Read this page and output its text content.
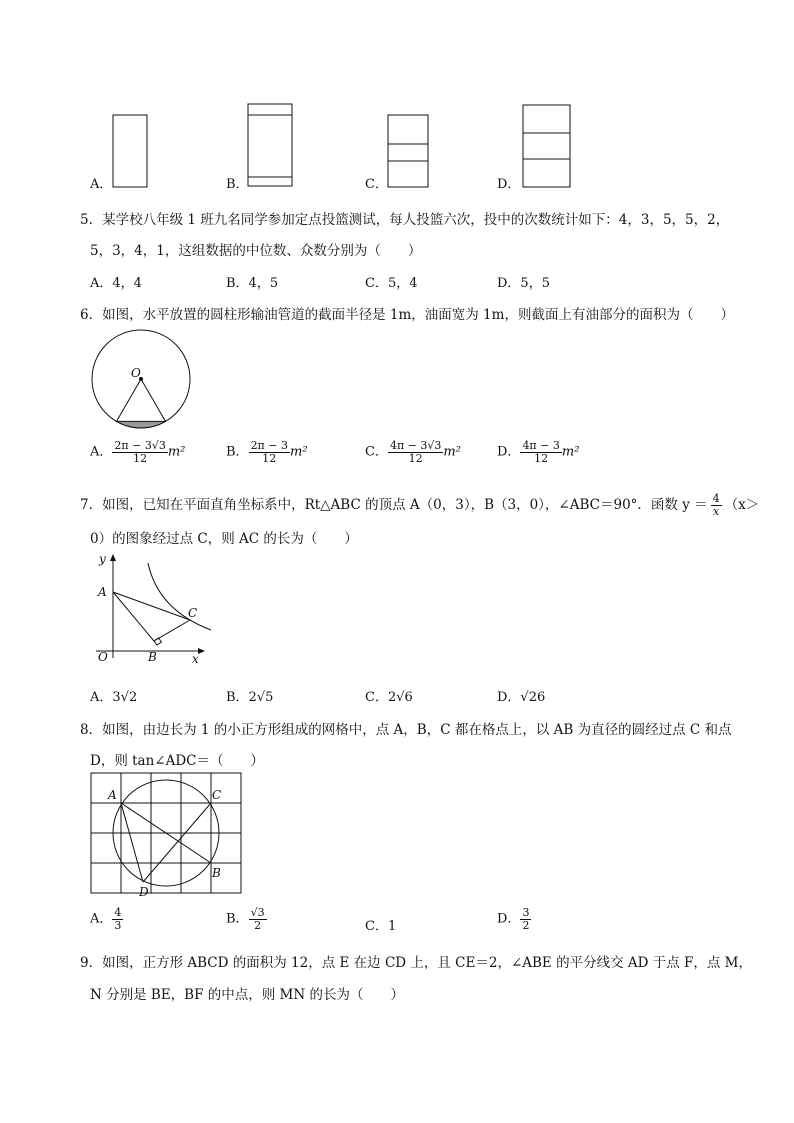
A．	B．	C．	D．
5．某学校八年级 1 班九名同学参加定点投篮测试，每人投篮六次，投中的次数统计如下：4，3，5，5，2，
5，3，4，1，这组数据的中位数、众数分别为（　　）
A．4，4	B．4，5	C．5，4	D．5，5
6．如图，水平放置的圆柱形输油管道的截面半径是 1m，油面宽为 1m，则截面上有油部分的面积为（　　）
O
A． $\frac{2\pi - 3√3}{12} m^2$	B． $\frac{2\pi - 3}{12} m^2$	C． $\frac{4\pi - 3√3}{12} m^2$	D． $\frac{4\pi - 3}{12} m^2$
7．如图，已知在平面直角坐标系中，Rt△ABC 的顶点 A（0，3），B（3，0），∠ABC＝90°．函数 $y = \frac{4}{x} (x>$
0）的图象经过点 C，则 AC 的长为（　　）
y
A
C
O	B	x
A．3√2	B．2√5	C．2√6	D．√26
8．如图，由边长为 1 的小正方形组成的网格中，点 A，B，C 都在格点上，以 AB 为直径的圆经过点 C 和点
D，则 tan∠ADC＝（　　）
A	C
B
D
A． $\frac{4}{3}$	B． $\frac{√3}{2}$	C．1	D． $\frac{3}{2}$
9．如图，正方形 ABCD 的面积为 12，点 E 在边 CD 上，且 CE＝2，∠ABE 的平分线交 AD 于点 F，点 M，
N 分别是 BE，BF 的中点，则 MN 的长为（　　）
